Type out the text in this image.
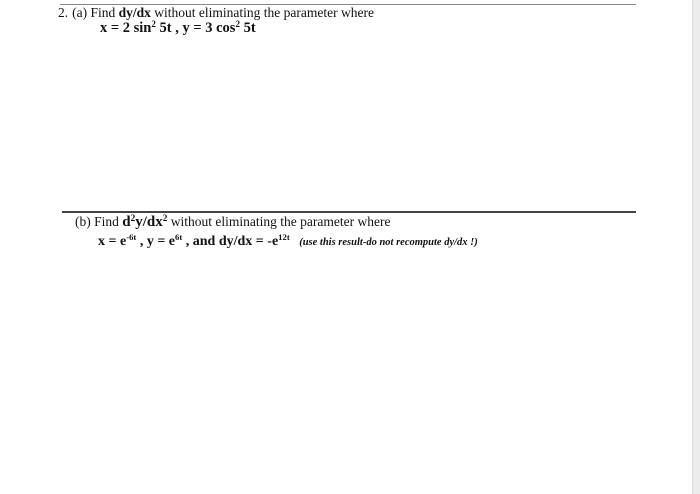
2. (a) Find dy/dx without eliminating the parameter where
x = 2 $\sin^2 5t$ , y = 3 $\cos^2 5t$
(b) Find $d^2y/dx^2$ without eliminating the parameter where
$x = e^{-6t}$ , $y = e^{6t}$ , and $dy/dx = -e^{12t}$ (use this result-do not recompute dy/dx !)
